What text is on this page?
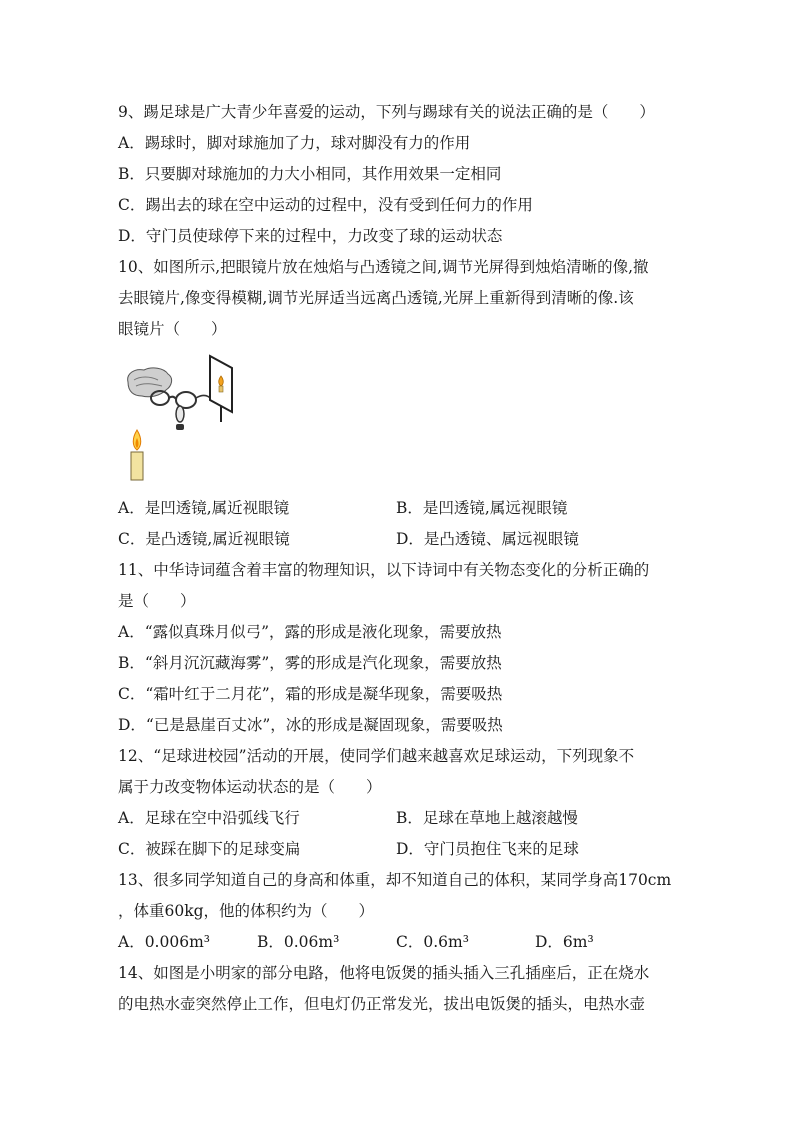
9、踢足球是广大青少年喜爱的运动，下列与踢球有关的说法正确的是（　　）
A．踢球时，脚对球施加了力，球对脚没有力的作用
B．只要脚对球施加的力大小相同，其作用效果一定相同
C．踢出去的球在空中运动的过程中，没有受到任何力的作用
D．守门员使球停下来的过程中，力改变了球的运动状态
10、如图所示,把眼镜片放在烛焰与凸透镜之间,调节光屏得到烛焰清晰的像,撤
去眼镜片,像变得模糊,调节光屏适当远离凸透镜,光屏上重新得到清晰的像.该
眼镜片（　　）
A．是凹透镜,属近视眼镜	B．是凹透镜,属远视眼镜
C．是凸透镜,属近视眼镜	D．是凸透镜、属远视眼镜
11、中华诗词蕴含着丰富的物理知识，以下诗词中有关物态变化的分析正确的
是（　　）
A．“露似真珠月似弓”，露的形成是液化现象，需要放热
B．“斜月沉沉藏海雾”，雾的形成是汽化现象，需要放热
C．“霜叶红于二月花”，霜的形成是凝华现象，需要吸热
D．“已是悬崖百丈冰”，冰的形成是凝固现象，需要吸热
12、“足球进校园”活动的开展，使同学们越来越喜欢足球运动，下列现象不
属于力改变物体运动状态的是（　　）
A．足球在空中沿弧线飞行	B．足球在草地上越滚越慢
C．被踩在脚下的足球变扁	D．守门员抱住飞来的足球
13、很多同学知道自己的身高和体重，却不知道自己的体积，某同学身高170cm
，体重60kg，他的体积约为（　　）
A．0.006m³	B．0.06m³	C．0.6m³	D．6m³
14、如图是小明家的部分电路，他将电饭煲的插头插入三孔插座后，正在烧水
的电热水壶突然停止工作，但电灯仍正常发光，拔出电饭煲的插头，电热水壶
